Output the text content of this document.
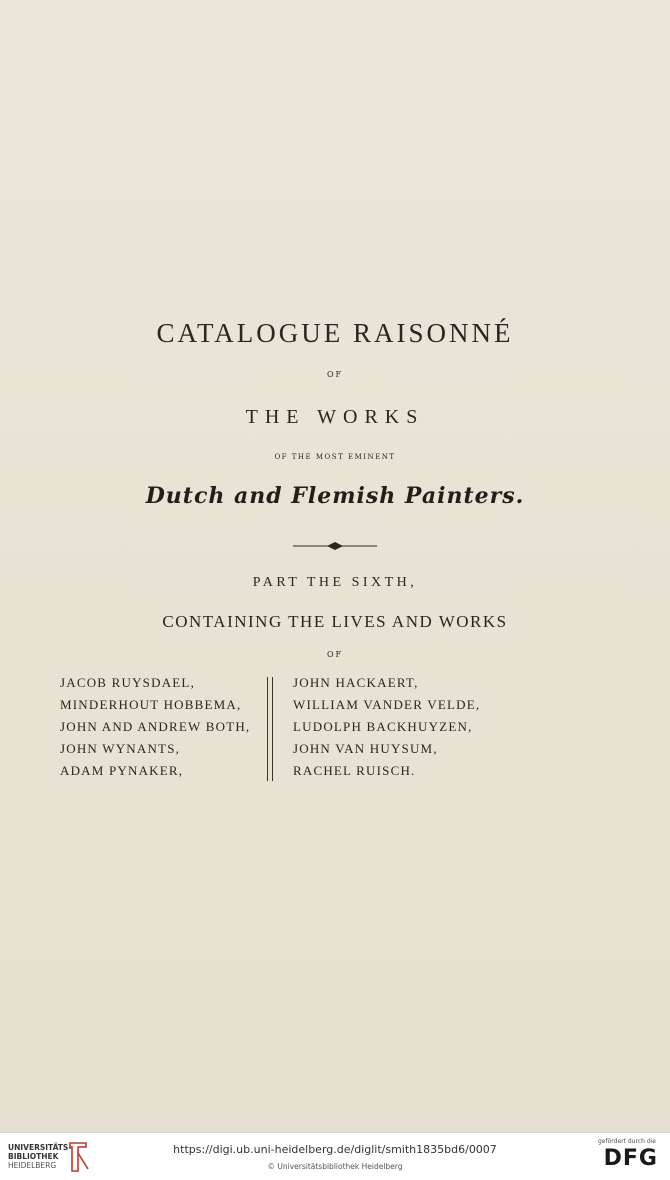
CATALOGUE RAISONNÉ
OF
THE WORKS
OF THE MOST EMINENT
Dutch and Flemish Painters.
PART THE SIXTH,
CONTAINING THE LIVES AND WORKS
OF
JACOB RUYSDAEL,
MINDERHOUT HOBBEMA,
JOHN AND ANDREW BOTH,
JOHN WYNANTS,
ADAM PYNAKER,
JOHN HACKAERT,
WILLIAM VANDER VELDE,
LUDOLPH BACKHUYZEN,
JOHN VAN HUYSUM,
RACHEL RUISCH.
UNIVERSITÄTS-
BIBLIOTHEK
HEIDELBERG
https://digi.ub.uni-heidelberg.de/diglit/smith1835bd6/0007
© Universitätsbibliothek Heidelberg
gefördert durch die
DFG
